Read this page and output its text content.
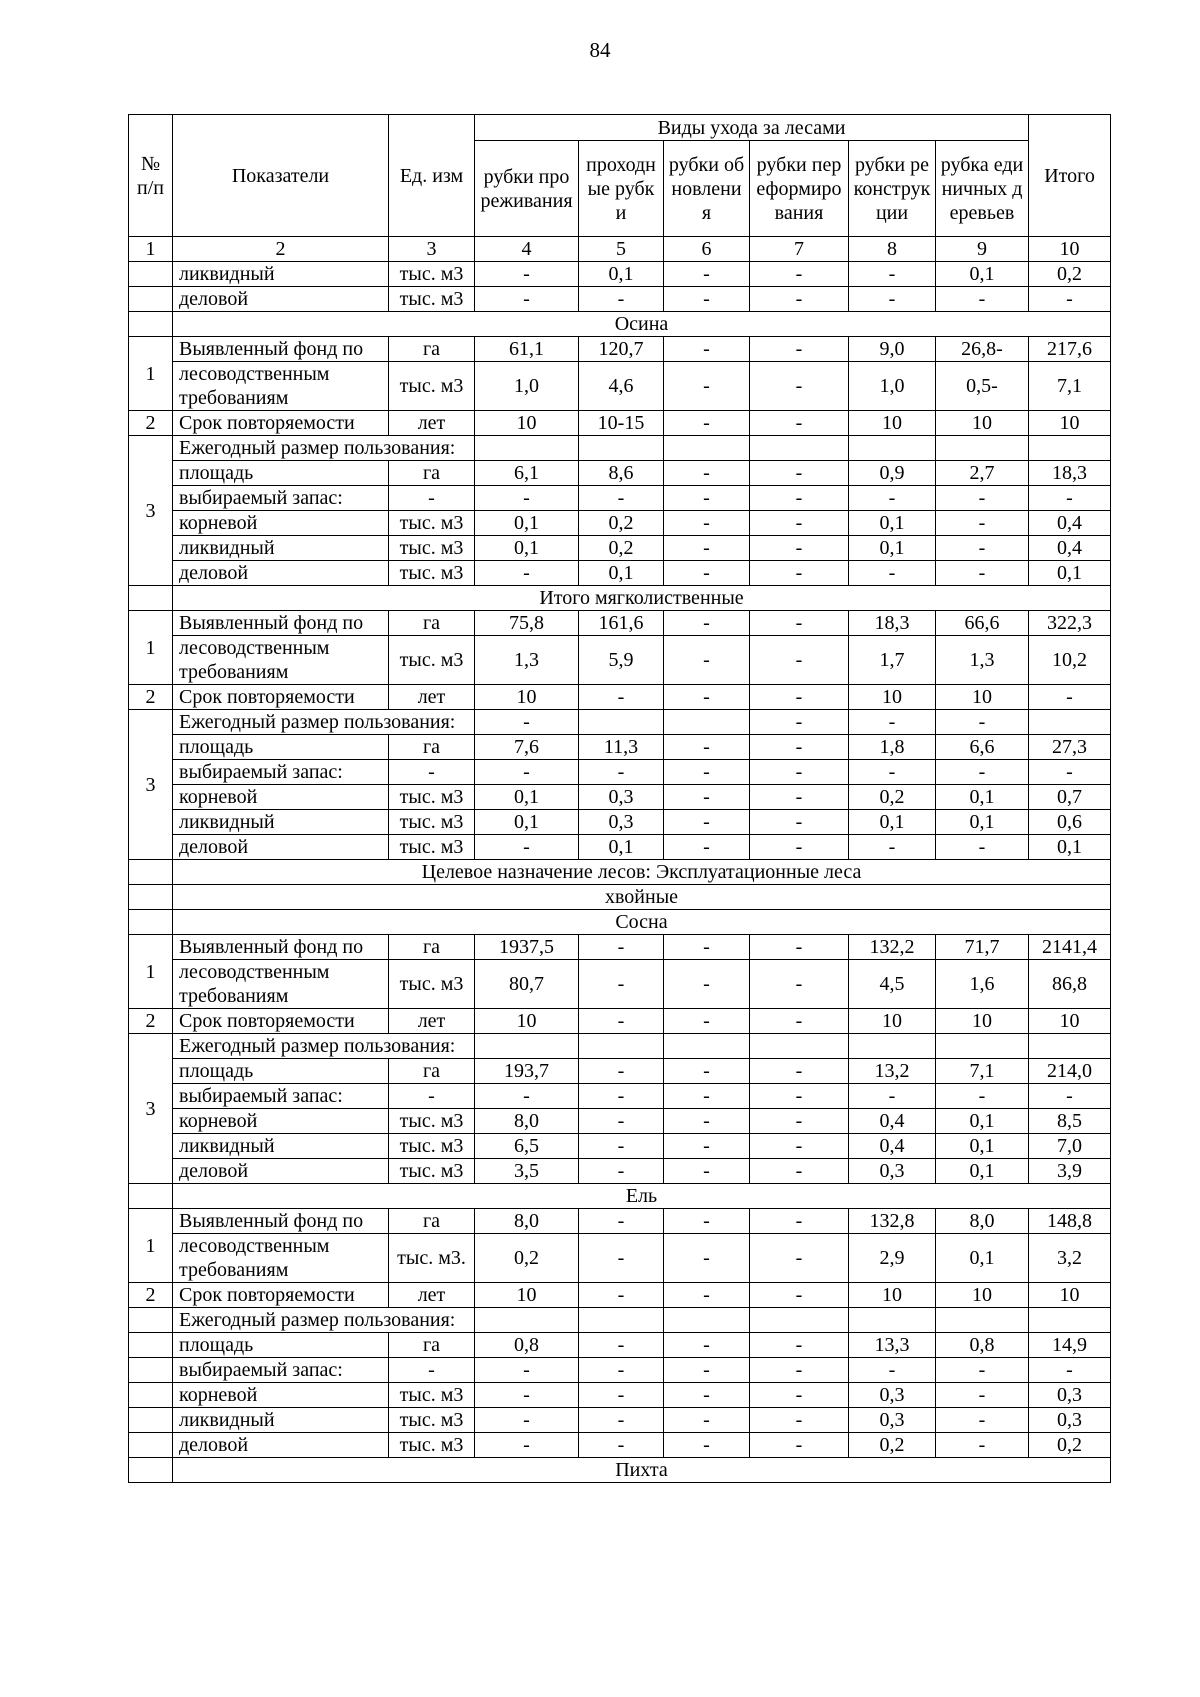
84
№ п/п	Показатели	Ед. изм	Виды ухода за лесами						Итого
			рубки прореживания	проходные рубки	рубки обновления	рубки переформирования	рубки реконструкции	рубка единичных деревьев	
1	2	3	4	5	6	7	8	9	10
	ликвидный	тыс. м3	-	0,1	-	-	-	0,1	0,2
	деловой	тыс. м3	-	-	-	-	-	-	-
	Осина								
1	Выявленный фонд по	га	61,1	120,7	-	-	9,0	26,8-	217,6
	лесоводственным	тыс. м3	1,0	4,6	-	-	1,0	0,5-	7,1
	требованиям								
2	Срок повторяемости	лет	10	10-15	-	-	10	10	10
3	Ежегодный размер пользования:								
	площадь	га	6,1	8,6	-	-	0,9	2,7	18,3
	выбираемый запас:	-	-	-	-	-	-	-	-
	корневой	тыс. м3	0,1	0,2	-	-	0,1	-	0,4
	ликвидный	тыс. м3	0,1	0,2	-	-	0,1	-	0,4
	деловой	тыс. м3	-	0,1	-	-	-	-	0,1
	Итого мягколиственные								
1	Выявленный фонд по	га	75,8	161,6	-	-	18,3	66,6	322,3
	лесоводственным	тыс. м3	1,3	5,9	-	-	1,7	1,3	10,2
	требованиям								
2	Срок повторяемости	лет	10	-	-	-	10	10	-
3	Ежегодный размер пользования:		-			-	-	-	
	площадь	га	7,6	11,3	-	-	1,8	6,6	27,3
	выбираемый запас:	-	-	-	-	-	-	-	-
	корневой	тыс. м3	0,1	0,3	-	-	0,2	0,1	0,7
	ликвидный	тыс. м3	0,1	0,3	-	-	0,1	0,1	0,6
	деловой	тыс. м3	-	0,1	-	-	-	-	0,1
	Целевое назначение лесов: Эксплуатационные леса								
	хвойные								
	Сосна								
1	Выявленный фонд по	га	1937,5	-	-	-	132,2	71,7	2141,4
	лесоводственным	тыс. м3	80,7	-	-	-	4,5	1,6	86,8
	требованиям								
2	Срок повторяемости	лет	10	-	-	-	10	10	10
3	Ежегодный размер пользования:								
	площадь	га	193,7	-	-	-	13,2	7,1	214,0
	выбираемый запас:	-	-	-	-	-	-	-	-
	корневой	тыс. м3	8,0	-	-	-	0,4	0,1	8,5
	ликвидный	тыс. м3	6,5	-	-	-	0,4	0,1	7,0
	деловой	тыс. м3	3,5	-	-	-	0,3	0,1	3,9
	Ель								
1	Выявленный фонд по	га	8,0	-	-	-	132,8	8,0	148,8
	лесоводственным	тыс. м3.	0,2	-	-	-	2,9	0,1	3,2
	требованиям								
2	Срок повторяемости	лет	10	-	-	-	10	10	10
	Ежегодный размер пользования:								
	площадь	га	0,8	-	-	-	13,3	0,8	14,9
	выбираемый запас:	-	-	-	-	-	-	-	-
	корневой	тыс. м3	-	-	-	-	0,3	-	0,3
	ликвидный	тыс. м3	-	-	-	-	0,3	-	0,3
	деловой	тыс. м3	-	-	-	-	0,2	-	0,2
	Пихта								
